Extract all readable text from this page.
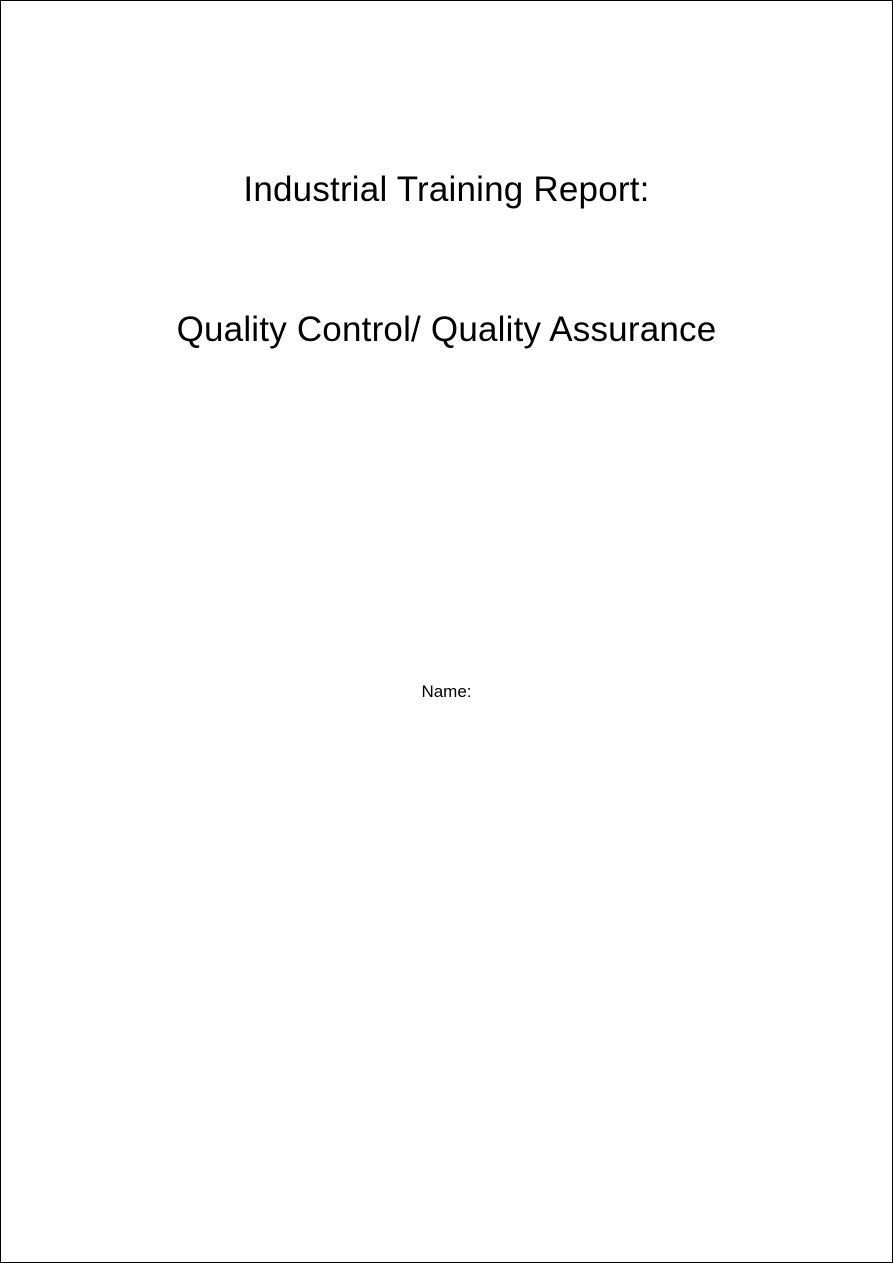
Industrial Training Report:
Quality Control/ Quality Assurance
Name:
